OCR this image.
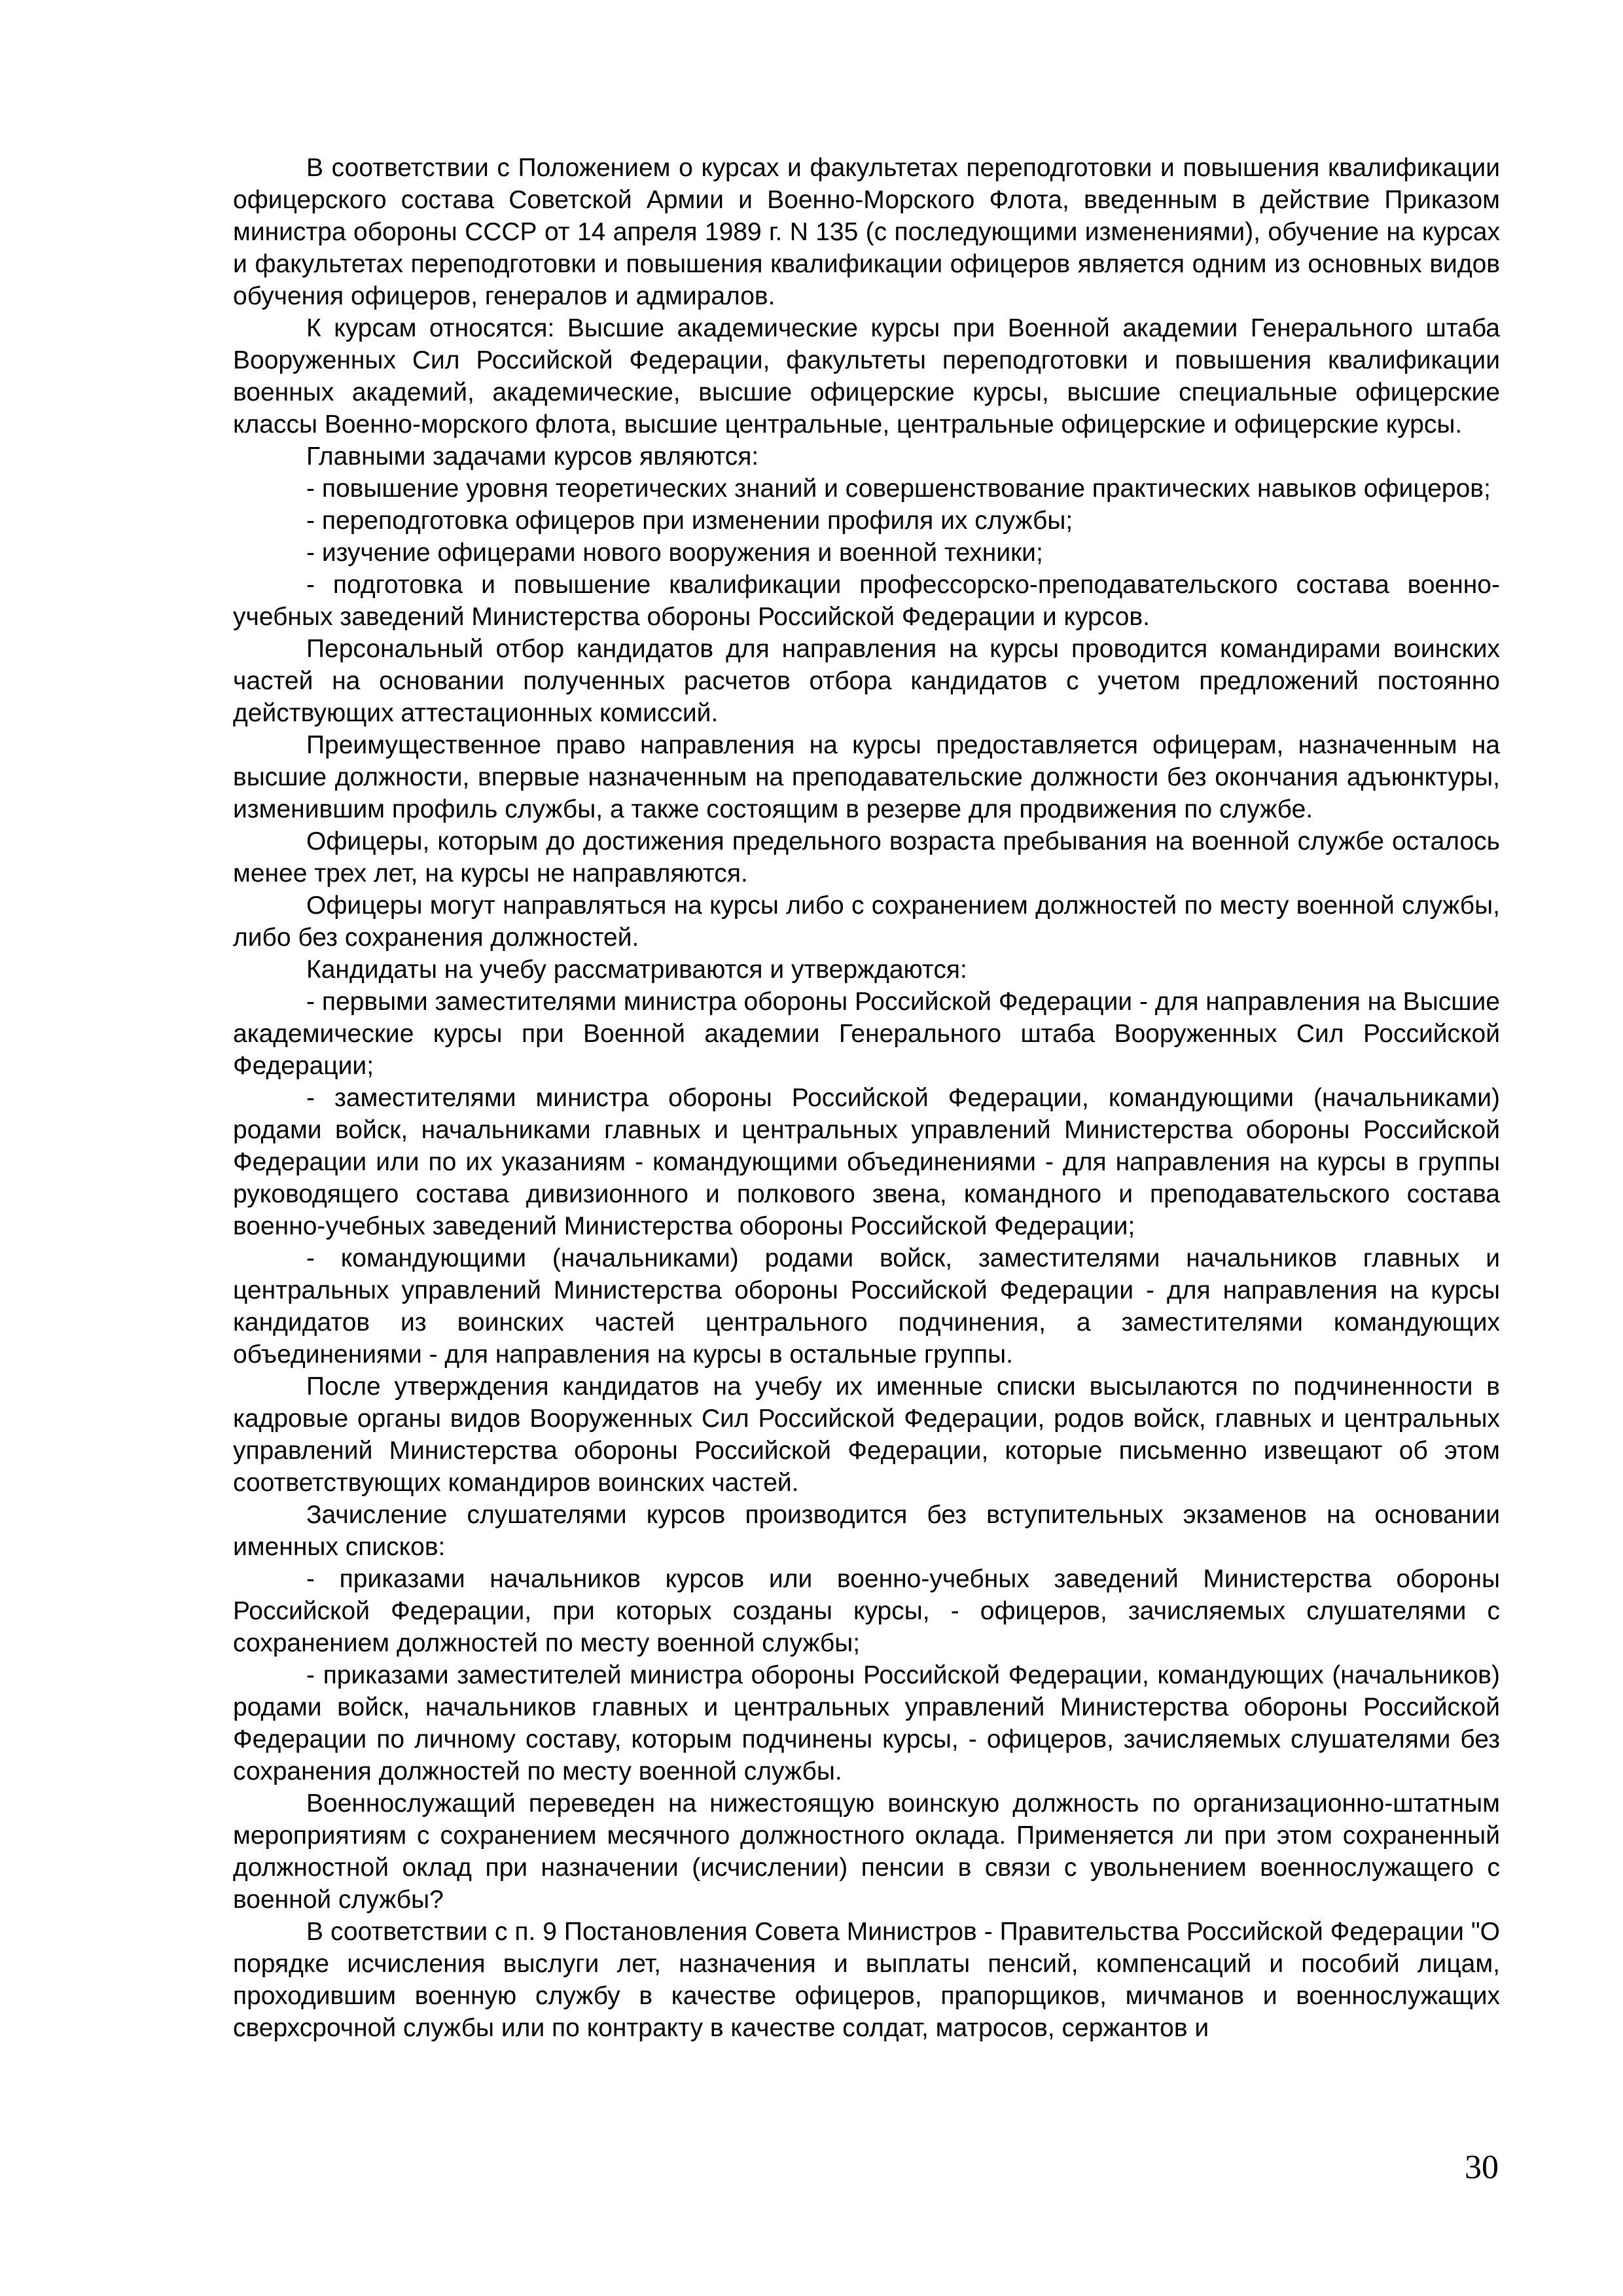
В соответствии с Положением о курсах и факультетах переподготовки и повышения квалификации офицерского состава Советской Армии и Военно-Морского Флота, введенным в действие Приказом министра обороны СССР от 14 апреля 1989 г. N 135 (с последующими изменениями), обучение на курсах и факультетах переподготовки и повышения квалификации офицеров является одним из основных видов обучения офицеров, генералов и адмиралов.

К курсам относятся: Высшие академические курсы при Военной академии Генерального штаба Вооруженных Сил Российской Федерации, факультеты переподготовки и повышения квалификации военных академий, академические, высшие офицерские курсы, высшие специальные офицерские классы Военно-морского флота, высшие центральные, центральные офицерские и офицерские курсы.

Главными задачами курсов являются:

- повышение уровня теоретических знаний и совершенствование практических навыков офицеров;

- переподготовка офицеров при изменении профиля их службы;

- изучение офицерами нового вооружения и военной техники;

- подготовка и повышение квалификации профессорско-преподавательского состава военно-учебных заведений Министерства обороны Российской Федерации и курсов.

Персональный отбор кандидатов для направления на курсы проводится командирами воинских частей на основании полученных расчетов отбора кандидатов с учетом предложений постоянно действующих аттестационных комиссий.

Преимущественное право направления на курсы предоставляется офицерам, назначенным на высшие должности, впервые назначенным на преподавательские должности без окончания адъюнктуры, изменившим профиль службы, а также состоящим в резерве для продвижения по службе.

Офицеры, которым до достижения предельного возраста пребывания на военной службе осталось менее трех лет, на курсы не направляются.

Офицеры могут направляться на курсы либо с сохранением должностей по месту военной службы, либо без сохранения должностей.

Кандидаты на учебу рассматриваются и утверждаются:

- первыми заместителями министра обороны Российской Федерации - для направления на Высшие академические курсы при Военной академии Генерального штаба Вооруженных Сил Российской Федерации;

- заместителями министра обороны Российской Федерации, командующими (начальниками) родами войск, начальниками главных и центральных управлений Министерства обороны Российской Федерации или по их указаниям - командующими объединениями - для направления на курсы в группы руководящего состава дивизионного и полкового звена, командного и преподавательского состава военно-учебных заведений Министерства обороны Российской Федерации;

- командующими (начальниками) родами войск, заместителями начальников главных и центральных управлений Министерства обороны Российской Федерации - для направления на курсы кандидатов из воинских частей центрального подчинения, а заместителями командующих объединениями - для направления на курсы в остальные группы.

После утверждения кандидатов на учебу их именные списки высылаются по подчиненности в кадровые органы видов Вооруженных Сил Российской Федерации, родов войск, главных и центральных управлений Министерства обороны Российской Федерации, которые письменно извещают об этом соответствующих командиров воинских частей.

Зачисление слушателями курсов производится без вступительных экзаменов на основании именных списков:

- приказами начальников курсов или военно-учебных заведений Министерства обороны Российской Федерации, при которых созданы курсы, - офицеров, зачисляемых слушателями с сохранением должностей по месту военной службы;

- приказами заместителей министра обороны Российской Федерации, командующих (начальников) родами войск, начальников главных и центральных управлений Министерства обороны Российской Федерации по личному составу, которым подчинены курсы, - офицеров, зачисляемых слушателями без сохранения должностей по месту военной службы.

Военнослужащий переведен на нижестоящую воинскую должность по организационно-штатным мероприятиям с сохранением месячного должностного оклада. Применяется ли при этом сохраненный должностной оклад при назначении (исчислении) пенсии в связи с увольнением военнослужащего с военной службы?

В соответствии с п. 9 Постановления Совета Министров - Правительства Российской Федерации "О порядке исчисления выслуги лет, назначения и выплаты пенсий, компенсаций и пособий лицам, проходившим военную службу в качестве офицеров, прапорщиков, мичманов и военнослужащих сверхсрочной службы или по контракту в качестве солдат, матросов, сержантов и

30
